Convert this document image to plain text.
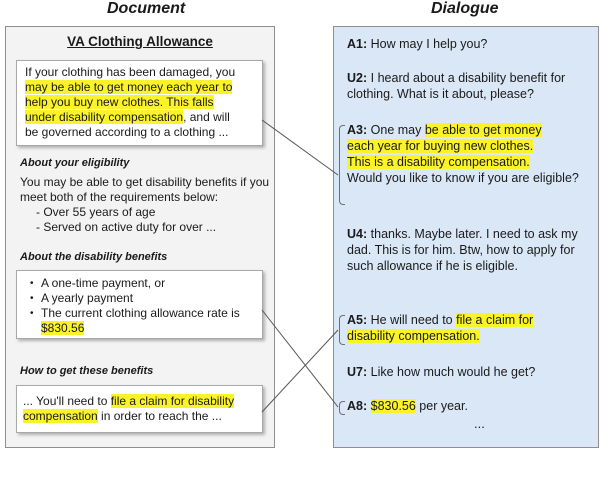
Document	Dialogue
VA Clothing Allowance
If your clothing has been damaged, you may be able to get money each year to
help you buy new clothes. This falls
under disability compensation, and will
be governed according to a clothing ...
About your eligibility
You may be able to get disability benefits if you meet both of the requirements below:
- Over 55 years of age
- Served on active duty for over ...
About the disability benefits
• A one-time payment, or
• A yearly payment
• The current clothing allowance rate is $830.56
How to get these benefits
... You'll need to file a claim for disability
compensation in order to reach the ...
A1: How may I help you?
U2: I heard about a disability benefit for clothing. What is it about, please?
A3: One may be able to get money
each year for buying new clothes.
This is a disability compensation.
Would you like to know if you are eligible?
U4: thanks. Maybe later. I need to ask my dad. This is for him. Btw, how to apply for such allowance if he is eligible.
A5: He will need to file a claim for
disability compensation.
U7: Like how much would he get?
A8: $830.56 per year.
...
